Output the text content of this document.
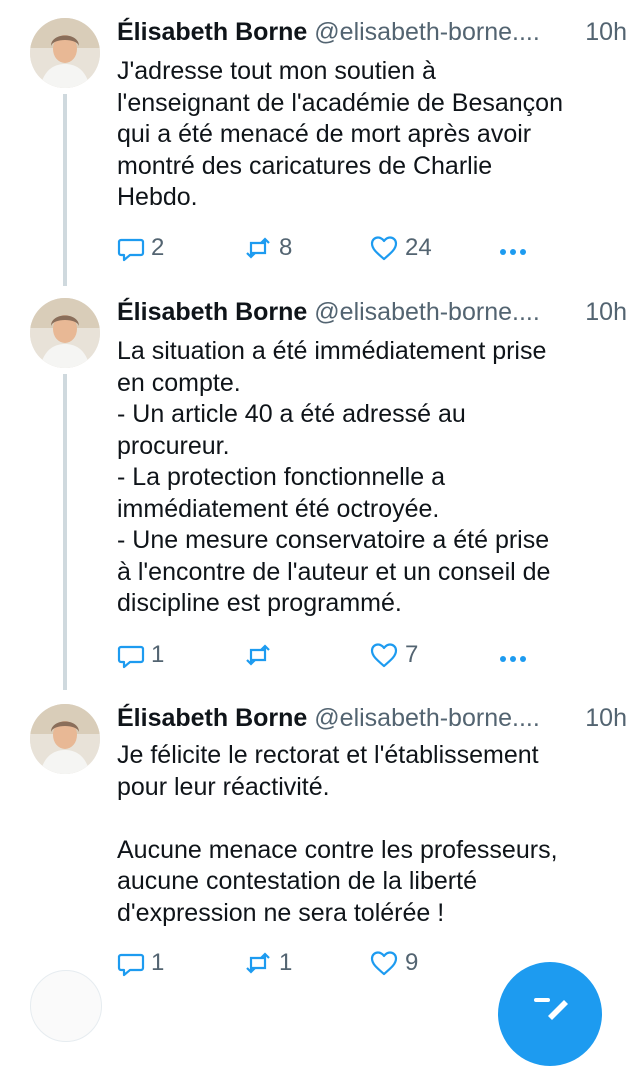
Élisabeth Borne @elisabeth-borne.... 10h
J'adresse tout mon soutien à
l'enseignant de l'académie de Besançon
qui a été menacé de mort après avoir
montré des caricatures de Charlie
Hebdo.
2	8	24
Élisabeth Borne @elisabeth-borne.... 10h
La situation a été immédiatement prise
en compte.
- Un article 40 a été adressé au
procureur.
- La protection fonctionnelle a
immédiatement été octroyée.
- Une mesure conservatoire a été prise
à l'encontre de l'auteur et un conseil de
discipline est programmé.
1	7
Élisabeth Borne @elisabeth-borne.... 10h
Je félicite le rectorat et l'établissement
pour leur réactivité.

Aucune menace contre les professeurs,
aucune contestation de la liberté
d'expression ne sera tolérée !
1	1	9
